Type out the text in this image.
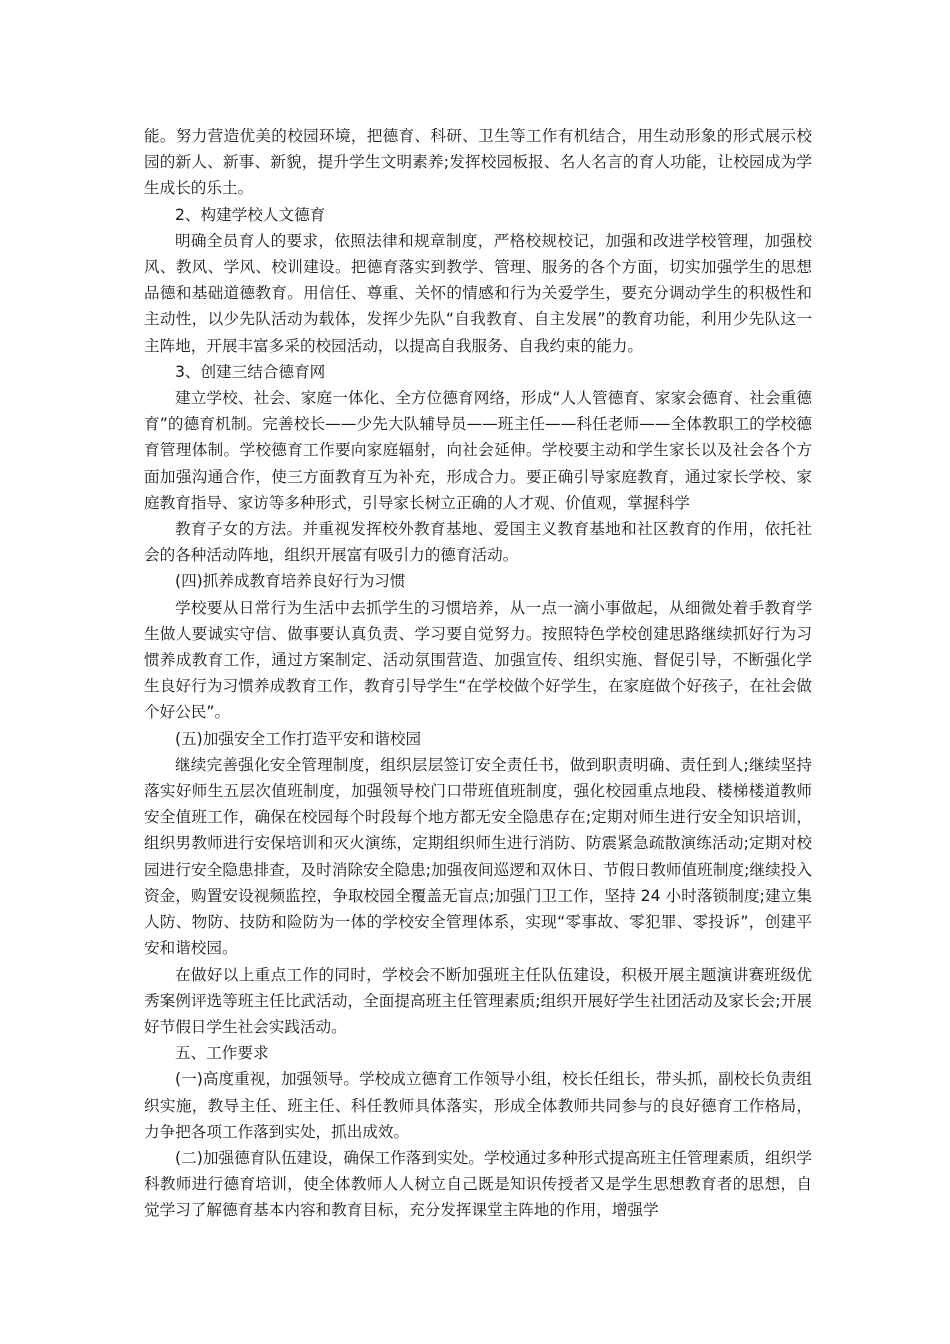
能。努力营造优美的校园环境，把德育、科研、卫生等工作有机结合，用生动形象的形式展示校园的新人、新事、新貌，提升学生文明素养;发挥校园板报、名人名言的育人功能，让校园成为学生成长的乐土。

2、构建学校人文德育

明确全员育人的要求，依照法律和规章制度，严格校规校记，加强和改进学校管理，加强校风、教风、学风、校训建设。把德育落实到教学、管理、服务的各个方面，切实加强学生的思想品德和基础道德教育。用信任、尊重、关怀的情感和行为关爱学生，要充分调动学生的积极性和主动性，以少先队活动为载体，发挥少先队“自我教育、自主发展”的教育功能，利用少先队这一主阵地，开展丰富多采的校园活动，以提高自我服务、自我约束的能力。

3、创建三结合德育网

建立学校、社会、家庭一体化、全方位德育网络，形成“人人管德育、家家会德育、社会重德育”的德育机制。完善校长——少先大队辅导员——班主任——科任老师——全体教职工的学校德育管理体制。学校德育工作要向家庭辐射，向社会延伸。学校要主动和学生家长以及社会各个方面加强沟通合作，使三方面教育互为补充，形成合力。要正确引导家庭教育，通过家长学校、家庭教育指导、家访等多种形式，引导家长树立正确的人才观、价值观，掌握科学

教育子女的方法。并重视发挥校外教育基地、爱国主义教育基地和社区教育的作用，依托社会的各种活动阵地，组织开展富有吸引力的德育活动。

(四)抓养成教育培养良好行为习惯

学校要从日常行为生活中去抓学生的习惯培养，从一点一滴小事做起，从细微处着手教育学生做人要诚实守信、做事要认真负责、学习要自觉努力。按照特色学校创建思路继续抓好行为习惯养成教育工作，通过方案制定、活动氛围营造、加强宣传、组织实施、督促引导，不断强化学生良好行为习惯养成教育工作，教育引导学生“在学校做个好学生，在家庭做个好孩子，在社会做个好公民”。

(五)加强安全工作打造平安和谐校园

继续完善强化安全管理制度，组织层层签订安全责任书，做到职责明确、责任到人;继续坚持落实好师生五层次值班制度，加强领导校门口带班值班制度，强化校园重点地段、楼梯楼道教师安全值班工作，确保在校园每个时段每个地方都无安全隐患存在;定期对师生进行安全知识培训，组织男教师进行安保培训和灭火演练，定期组织师生进行消防、防震紧急疏散演练活动;定期对校园进行安全隐患排查，及时消除安全隐患;加强夜间巡逻和双休日、节假日教师值班制度;继续投入资金，购置安设视频监控，争取校园全覆盖无盲点;加强门卫工作，坚持 24 小时落锁制度;建立集人防、物防、技防和险防为一体的学校安全管理体系，实现“零事故、零犯罪、零投诉”，创建平安和谐校园。

在做好以上重点工作的同时，学校会不断加强班主任队伍建设，积极开展主题演讲赛班级优秀案例评选等班主任比武活动，全面提高班主任管理素质;组织开展好学生社团活动及家长会;开展好节假日学生社会实践活动。

五、工作要求

(一)高度重视，加强领导。学校成立德育工作领导小组，校长任组长，带头抓，副校长负责组织实施，教导主任、班主任、科任教师具体落实，形成全体教师共同参与的良好德育工作格局，力争把各项工作落到实处，抓出成效。

(二)加强德育队伍建设，确保工作落到实处。学校通过多种形式提高班主任管理素质，组织学科教师进行德育培训，使全体教师人人树立自己既是知识传授者又是学生思想教育者的思想，自觉学习了解德育基本内容和教育目标，充分发挥课堂主阵地的作用，增强学
